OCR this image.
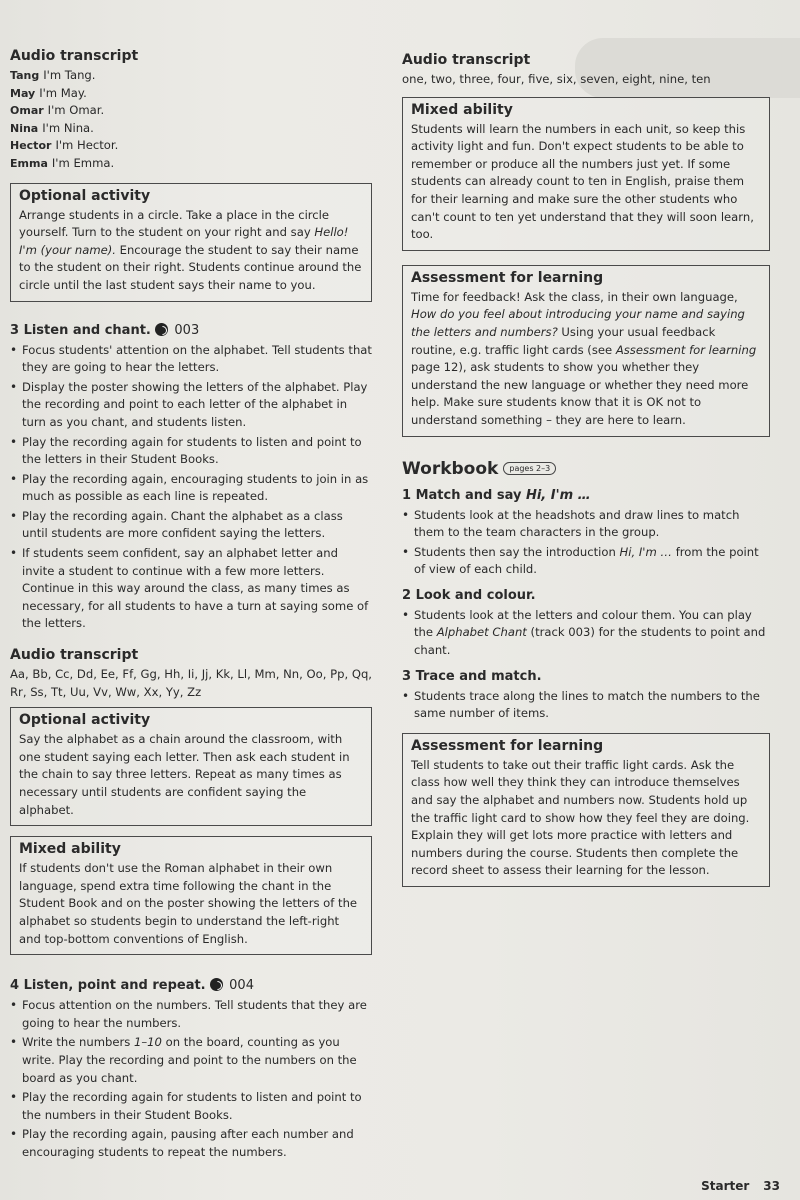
Audio transcript
Tang I'm Tang.
May I'm May.
Omar I'm Omar.
Nina I'm Nina.
Hector I'm Hector.
Emma I'm Emma.
Optional activity

Arrange students in a circle. Take a place in the circle yourself. Turn to the student on your right and say Hello! I'm (your name). Encourage the student to say their name to the student on their right. Students continue around the circle until the last student says their name to you.

3 Listen and chant. 003
• Focus students' attention on the alphabet. Tell students that they are going to hear the letters.
• Display the poster showing the letters of the alphabet. Play the recording and point to each letter of the alphabet in turn as you chant, and students listen.
• Play the recording again for students to listen and point to the letters in their Student Books.
• Play the recording again, encouraging students to join in as much as possible as each line is repeated.
• Play the recording again. Chant the alphabet as a class until students are more confident saying the letters.
• If students seem confident, say an alphabet letter and invite a student to continue with a few more letters. Continue in this way around the class, as many times as necessary, for all students to have a turn at saying some of the letters.
Audio transcript

Aa, Bb, Cc, Dd, Ee, Ff, Gg, Hh, Ii, Jj, Kk, Ll, Mm, Nn, Oo, Pp, Qq, Rr, Ss, Tt, Uu, Vv, Ww, Xx, Yy, Zz

Optional activity

Say the alphabet as a chain around the classroom, with one student saying each letter. Then ask each student in the chain to say three letters. Repeat as many times as necessary until students are confident saying the alphabet.

Mixed ability

If students don't use the Roman alphabet in their own language, spend extra time following the chant in the Student Book and on the poster showing the letters of the alphabet so students begin to understand the left-right and top-bottom conventions of English.

4 Listen, point and repeat. 004
• Focus attention on the numbers. Tell students that they are going to hear the numbers.
• Write the numbers 1–10 on the board, counting as you write. Play the recording and point to the numbers on the board as you chant.
• Play the recording again for students to listen and point to the numbers in their Student Books.
• Play the recording again, pausing after each number and encouraging students to repeat the numbers.
Audio transcript

one, two, three, four, five, six, seven, eight, nine, ten

Mixed ability

Students will learn the numbers in each unit, so keep this activity light and fun. Don't expect students to be able to remember or produce all the numbers just yet. If some students can already count to ten in English, praise them for their learning and make sure the other students who can't count to ten yet understand that they will soon learn, too.

Assessment for learning

Time for feedback! Ask the class, in their own language, How do you feel about introducing your name and saying the letters and numbers? Using your usual feedback routine, e.g. traffic light cards (see Assessment for learning page 12), ask students to show you whether they understand the new language or whether they need more help. Make sure students know that it is OK not to understand something – they are here to learn.

Workbook pages 2–3
1 Match and say Hi, I'm …
• Students look at the headshots and draw lines to match them to the team characters in the group.
• Students then say the introduction Hi, I'm … from the point of view of each child.
2 Look and colour.
• Students look at the letters and colour them. You can play the Alphabet Chant (track 003) for the students to point and chant.
3 Trace and match.
• Students trace along the lines to match the numbers to the same number of items.
Assessment for learning

Tell students to take out their traffic light cards. Ask the class how well they think they can introduce themselves and say the alphabet and numbers now. Students hold up the traffic light card to show how they feel they are doing. Explain they will get lots more practice with letters and numbers during the course. Students then complete the record sheet to assess their learning for the lesson.

Starter 33
